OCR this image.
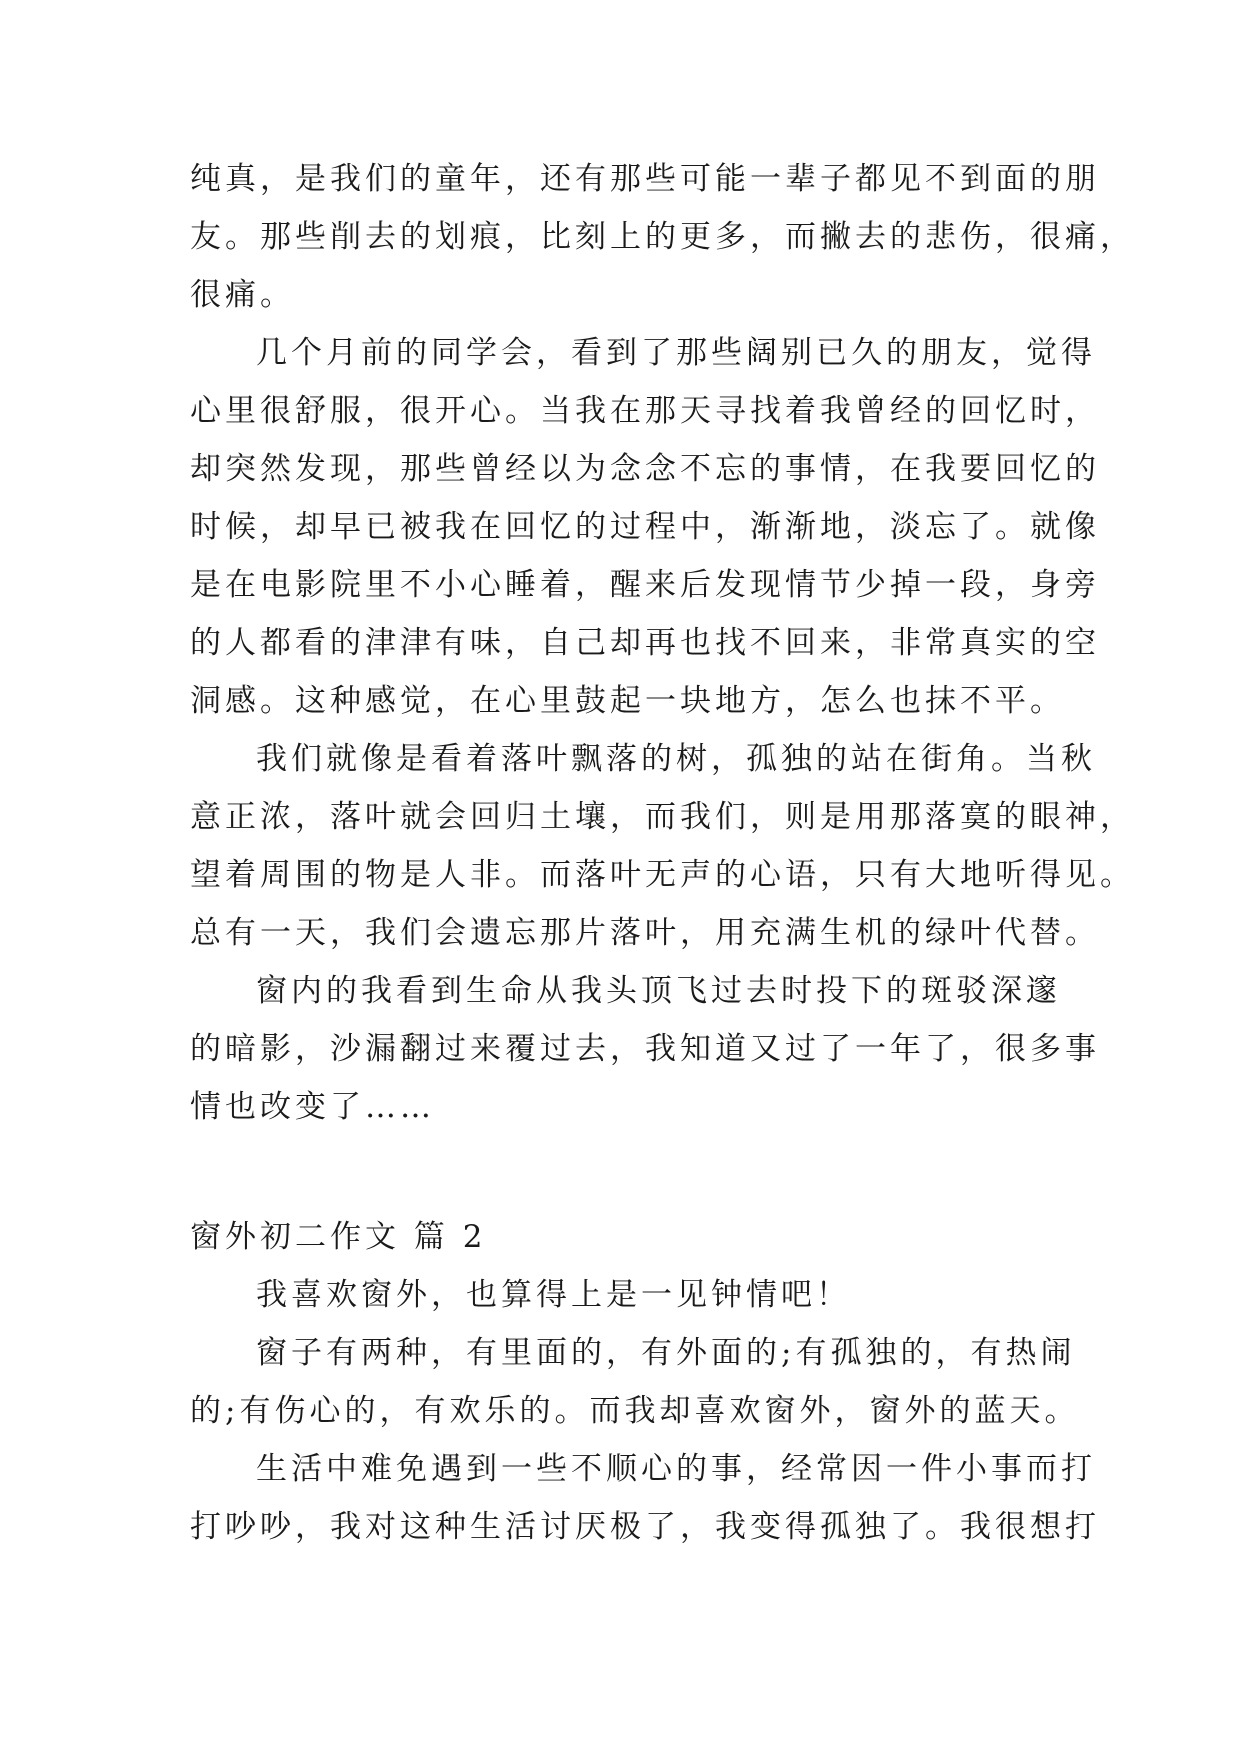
纯真，是我们的童年，还有那些可能一辈子都见不到面的朋
友。那些削去的划痕，比刻上的更多，而撇去的悲伤，很痛，
很痛。
几个月前的同学会，看到了那些阔别已久的朋友，觉得
心里很舒服，很开心。当我在那天寻找着我曾经的回忆时，
却突然发现，那些曾经以为念念不忘的事情，在我要回忆的
时候，却早已被我在回忆的过程中，渐渐地，淡忘了。就像
是在电影院里不小心睡着，醒来后发现情节少掉一段，身旁
的人都看的津津有味，自己却再也找不回来，非常真实的空
洞感。这种感觉，在心里鼓起一块地方，怎么也抹不平。
我们就像是看着落叶飘落的树，孤独的站在街角。当秋
意正浓，落叶就会回归土壤，而我们，则是用那落寞的眼神，
望着周围的物是人非。而落叶无声的心语，只有大地听得见。
总有一天，我们会遗忘那片落叶，用充满生机的绿叶代替。
窗内的我看到生命从我头顶飞过去时投下的斑驳深邃
的暗影，沙漏翻过来覆过去，我知道又过了一年了，很多事
情也改变了……
窗外初二作文 篇 2
我喜欢窗外，也算得上是一见钟情吧！
窗子有两种，有里面的，有外面的;有孤独的，有热闹
的;有伤心的，有欢乐的。而我却喜欢窗外，窗外的蓝天。
生活中难免遇到一些不顺心的事，经常因一件小事而打
打吵吵，我对这种生活讨厌极了，我变得孤独了。我很想打
